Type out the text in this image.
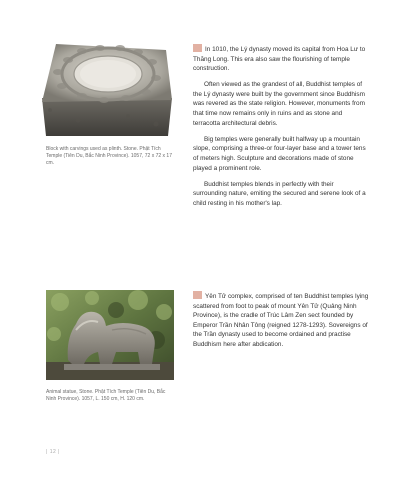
Block with carvings used as plinth. Stone. Phật Tích Temple (Tiên Du, Bắc Ninh Province). 1057, 72 x 72 x 17 cm.

In 1010, the Lý dynasty moved its capital from Hoa Lư to Thăng Long. This era also saw the flourishing of temple construction.

Often viewed as the grandest of all, Buddhist temples of the Lý dynasty were built by the government since Buddhism was revered as the state religion. However, monuments from that time now remains only in ruins and as stone and terracotta architectural debris.

Big temples were generally built halfway up a mountain slope, comprising a three-or four-layer base and a tower tens of meters high. Sculpture and decorations made of stone played a prominent role.

Buddhist temples blends in perfectly with their surrounding nature, emiting the secured and serene look of a child resting in his mother's lap.

Animal statue, Stone. Phật Tích Temple (Tiên Du, Bắc Ninh Province). 1057, L. 150 cm, H. 120 cm.

Yên Tử complex, comprised of ten Buddhist temples lying scattered from foot to peak of mount Yên Tử (Quảng Ninh Province), is the cradle of Trúc Lâm Zen sect founded by Emperor Trần Nhân Tông (reigned 1278-1293). Sovereigns of the Trần dynasty used to become ordained and practise Buddhism here after abdication.

| 12 |
